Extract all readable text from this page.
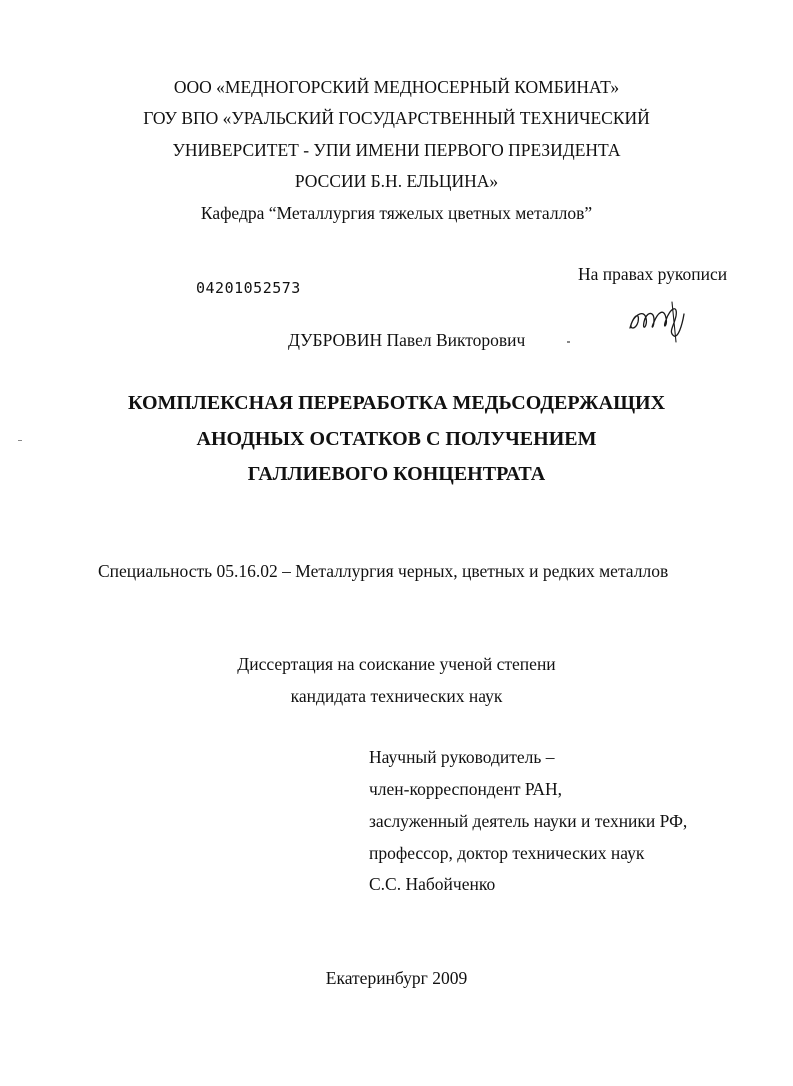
ООО «МЕДНОГОРСКИЙ МЕДНОСЕРНЫЙ КОМБИНАТ»
ГОУ ВПО «УРАЛЬСКИЙ ГОСУДАРСТВЕННЫЙ ТЕХНИЧЕСКИЙ
УНИВЕРСИТЕТ - УПИ ИМЕНИ ПЕРВОГО ПРЕЗИДЕНТА
РОССИИ Б.Н. ЕЛЬЦИНА»
Кафедра “Металлургия тяжелых цветных металлов”
На правах рукописи
04201052573
ДУБРОВИН Павел Викторович
КОМПЛЕКСНАЯ ПЕРЕРАБОТКА МЕДЬСОДЕРЖАЩИХ
АНОДНЫХ ОСТАТКОВ С ПОЛУЧЕНИЕМ
ГАЛЛИЕВОГО КОНЦЕНТРАТА
Специальность 05.16.02 – Металлургия черных, цветных и редких металлов
Диссертация на соискание ученой степени
кандидата технических наук
Научный руководитель –
член-корреспондент РАН,
заслуженный деятель науки и техники РФ,
профессор, доктор технических наук
С.С. Набойченко
Екатеринбург 2009
